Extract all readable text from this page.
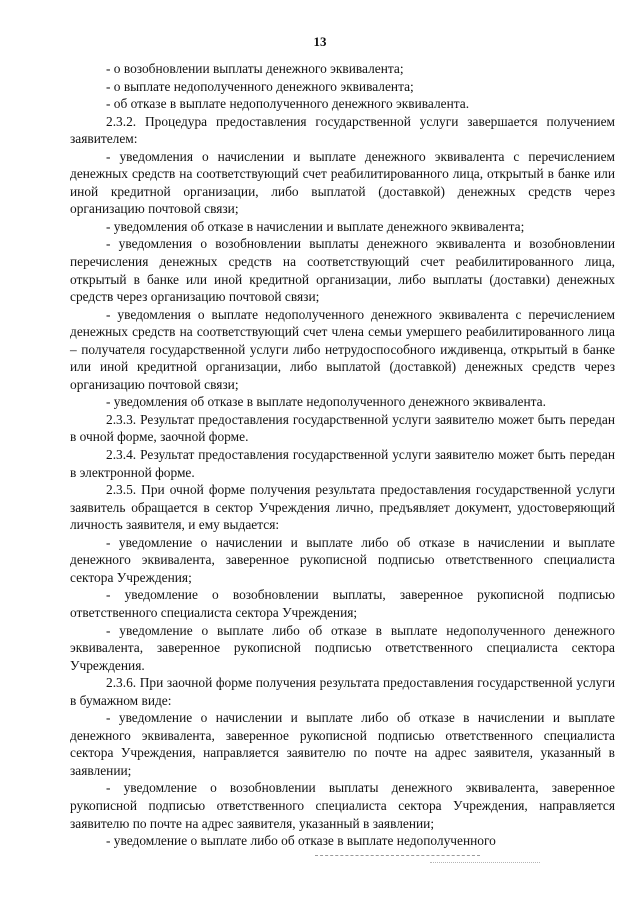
13

- о возобновлении выплаты денежного эквивалента;

- о выплате недополученного денежного эквивалента;

- об отказе в выплате недополученного денежного эквивалента.

2.3.2. Процедура предоставления государственной услуги завершается получением заявителем:

- уведомления о начислении и выплате денежного эквивалента с перечислением денежных средств на соответствующий счет реабилитированного лица, открытый в банке или иной кредитной организации, либо выплатой (доставкой) денежных средств через организацию почтовой связи;

- уведомления об отказе в начислении и выплате денежного эквивалента;

- уведомления о возобновлении выплаты денежного эквивалента и возобновлении перечисления денежных средств на соответствующий счет реабилитированного лица, открытый в банке или иной кредитной организации, либо выплаты (доставки) денежных средств через организацию почтовой связи;

- уведомления о выплате недополученного денежного эквивалента с перечислением денежных средств на соответствующий счет члена семьи умершего реабилитированного лица – получателя государственной услуги либо нетрудоспособного иждивенца, открытый в банке или иной кредитной организации, либо выплатой (доставкой) денежных средств через организацию почтовой связи;

- уведомления об отказе в выплате недополученного денежного эквивалента.

2.3.3. Результат предоставления государственной услуги заявителю может быть передан в очной форме, заочной форме.

2.3.4. Результат предоставления государственной услуги заявителю может быть передан в электронной форме.

2.3.5. При очной форме получения результата предоставления государственной услуги заявитель обращается в сектор Учреждения лично, предъявляет документ, удостоверяющий личность заявителя, и ему выдается:

- уведомление о начислении и выплате либо об отказе в начислении и выплате денежного эквивалента, заверенное рукописной подписью ответственного специалиста сектора Учреждения;

- уведомление о возобновлении выплаты, заверенное рукописной подписью ответственного специалиста сектора Учреждения;

- уведомление о выплате либо об отказе в выплате недополученного денежного эквивалента, заверенное рукописной подписью ответственного специалиста сектора Учреждения.

2.3.6. При заочной форме получения результата предоставления государственной услуги в бумажном виде:

- уведомление о начислении и выплате либо об отказе в начислении и выплате денежного эквивалента, заверенное рукописной подписью ответственного специалиста сектора Учреждения, направляется заявителю по почте на адрес заявителя, указанный в заявлении;

- уведомление о возобновлении выплаты денежного эквивалента, заверенное рукописной подписью ответственного специалиста сектора Учреждения, направляется заявителю по почте на адрес заявителя, указанный в заявлении;

- уведомление о выплате либо об отказе в выплате недополученного
